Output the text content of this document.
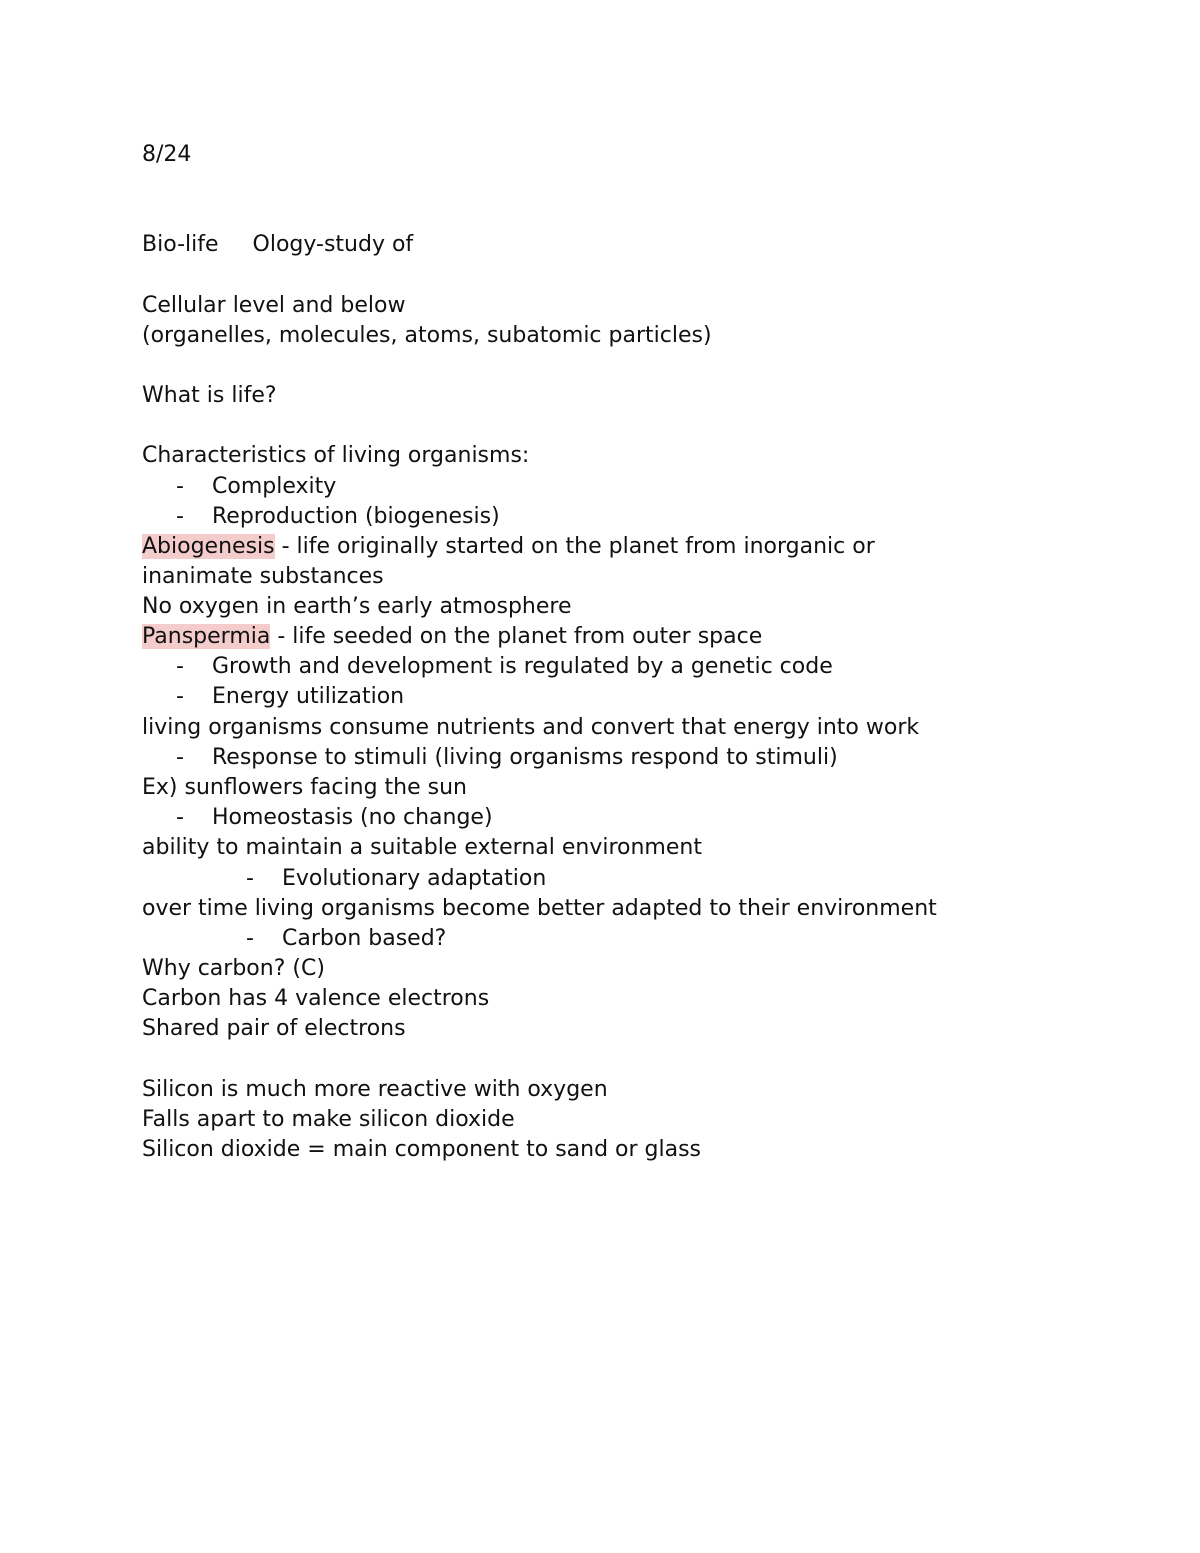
8/24
Bio-life Ology-study of
Cellular level and below
(organelles, molecules, atoms, subatomic particles)
What is life?
Characteristics of living organisms:
- Complexity
- Reproduction (biogenesis)
Abiogenesis - life originally started on the planet from inorganic or
inanimate substances
No oxygen in earth’s early atmosphere
Panspermia - life seeded on the planet from outer space
- Growth and development is regulated by a genetic code
- Energy utilization
living organisms consume nutrients and convert that energy into work
- Response to stimuli (living organisms respond to stimuli)
Ex) sunflowers facing the sun
- Homeostasis (no change)
ability to maintain a suitable external environment
- Evolutionary adaptation
over time living organisms become better adapted to their environment
- Carbon based?
Why carbon? (C)
Carbon has 4 valence electrons
Shared pair of electrons
Silicon is much more reactive with oxygen
Falls apart to make silicon dioxide
Silicon dioxide = main component to sand or glass
